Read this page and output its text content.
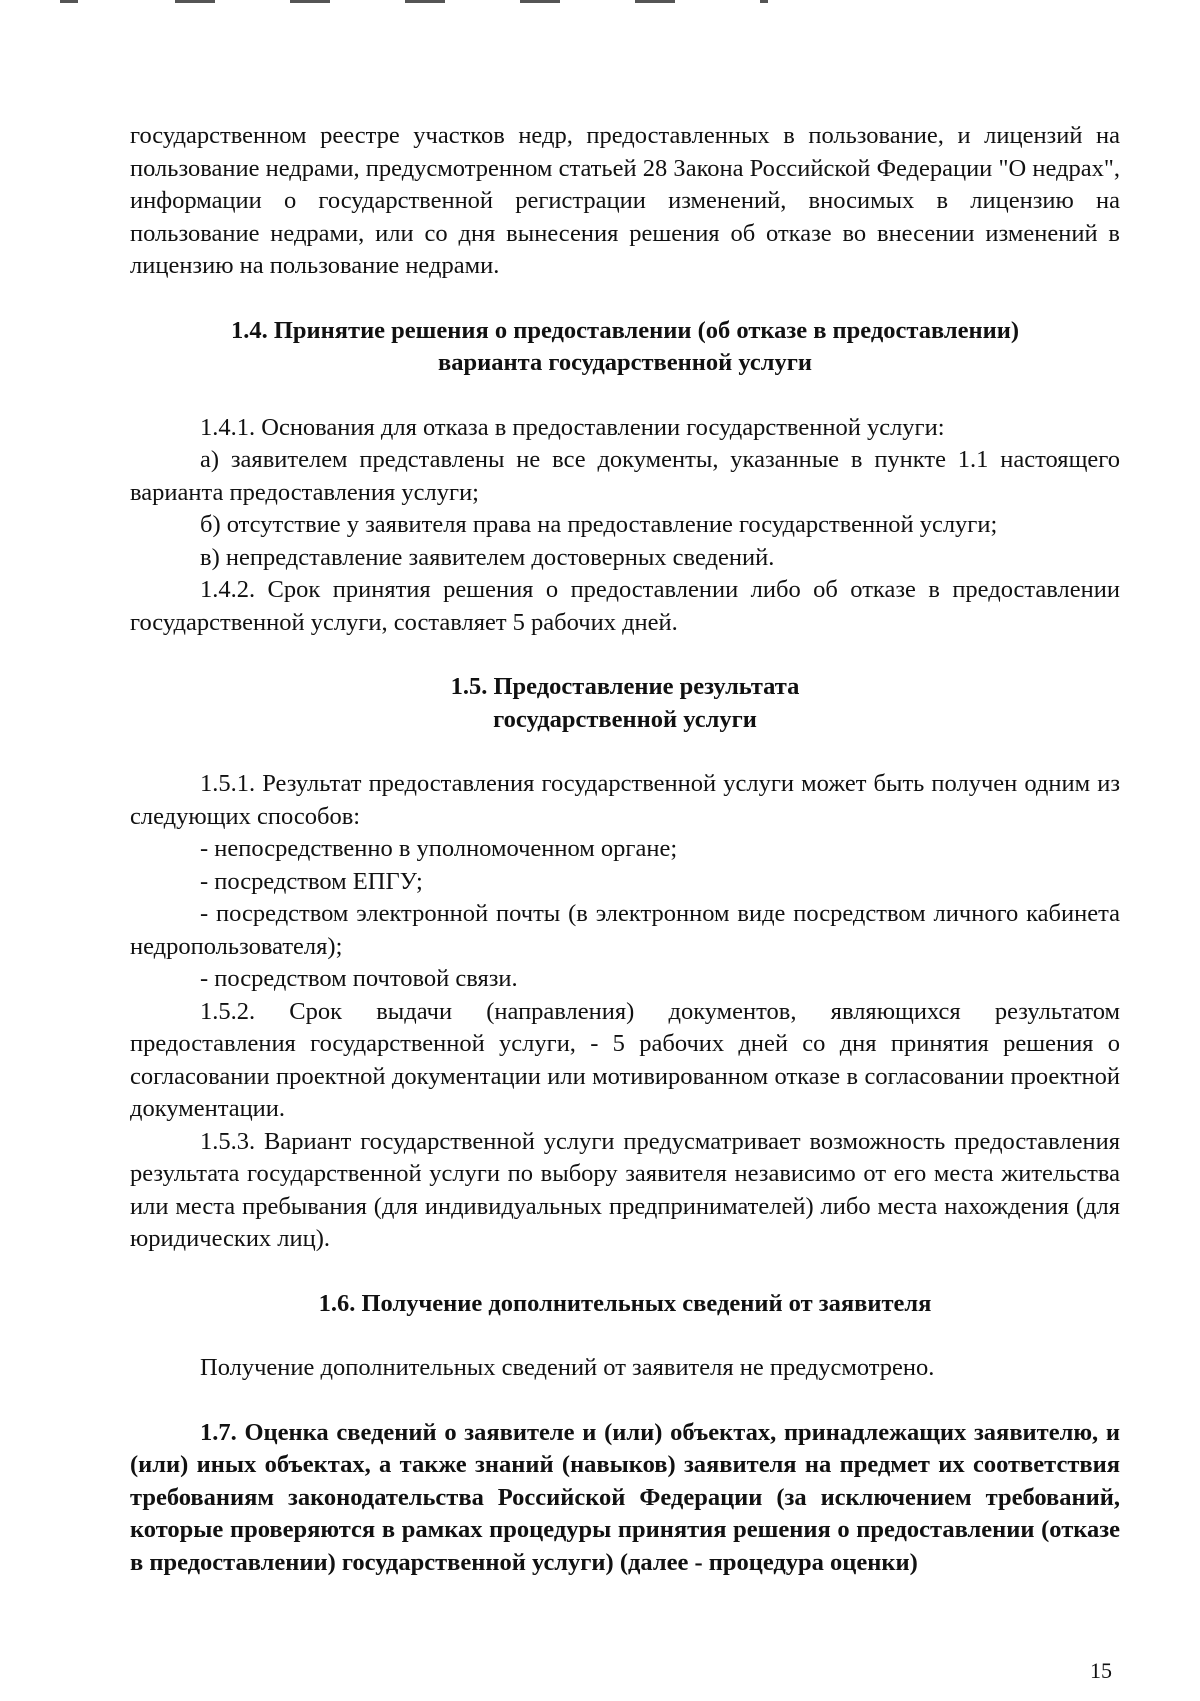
государственном реестре участков недр, предоставленных в пользование, и лицензий на пользование недрами, предусмотренном статьей 28 Закона Российской Федерации "О недрах", информации о государственной регистрации изменений, вносимых в лицензию на пользование недрами, или со дня вынесения решения об отказе во внесении изменений в лицензию на пользование недрами.

1.4. Принятие решения о предоставлении (об отказе в предоставлении)
варианта государственной услуги

1.4.1. Основания для отказа в предоставлении государственной услуги:

а) заявителем представлены не все документы, указанные в пункте 1.1 настоящего варианта предоставления услуги;

б) отсутствие у заявителя права на предоставление государственной услуги;

в) непредставление заявителем достоверных сведений.

1.4.2. Срок принятия решения о предоставлении либо об отказе в предоставлении государственной услуги, составляет 5 рабочих дней.

1.5. Предоставление результата
государственной услуги

1.5.1. Результат предоставления государственной услуги может быть получен одним из следующих способов:

- непосредственно в уполномоченном органе;

- посредством ЕПГУ;

- посредством электронной почты (в электронном виде посредством личного кабинета недропользователя);

- посредством почтовой связи.

1.5.2. Срок выдачи (направления) документов, являющихся результатом предоставления государственной услуги, - 5 рабочих дней со дня принятия решения о согласовании проектной документации или мотивированном отказе в согласовании проектной документации.

1.5.3. Вариант государственной услуги предусматривает возможность предоставления результата государственной услуги по выбору заявителя независимо от его места жительства или места пребывания (для индивидуальных предпринимателей) либо места нахождения (для юридических лиц).

1.6. Получение дополнительных сведений от заявителя

Получение дополнительных сведений от заявителя не предусмотрено.

1.7. Оценка сведений о заявителе и (или) объектах, принадлежащих заявителю, и (или) иных объектах, а также знаний (навыков) заявителя на предмет их соответствия требованиям законодательства Российской Федерации (за исключением требований, которые проверяются в рамках процедуры принятия решения о предоставлении (отказе в предоставлении) государственной услуги) (далее - процедура оценки)

15
